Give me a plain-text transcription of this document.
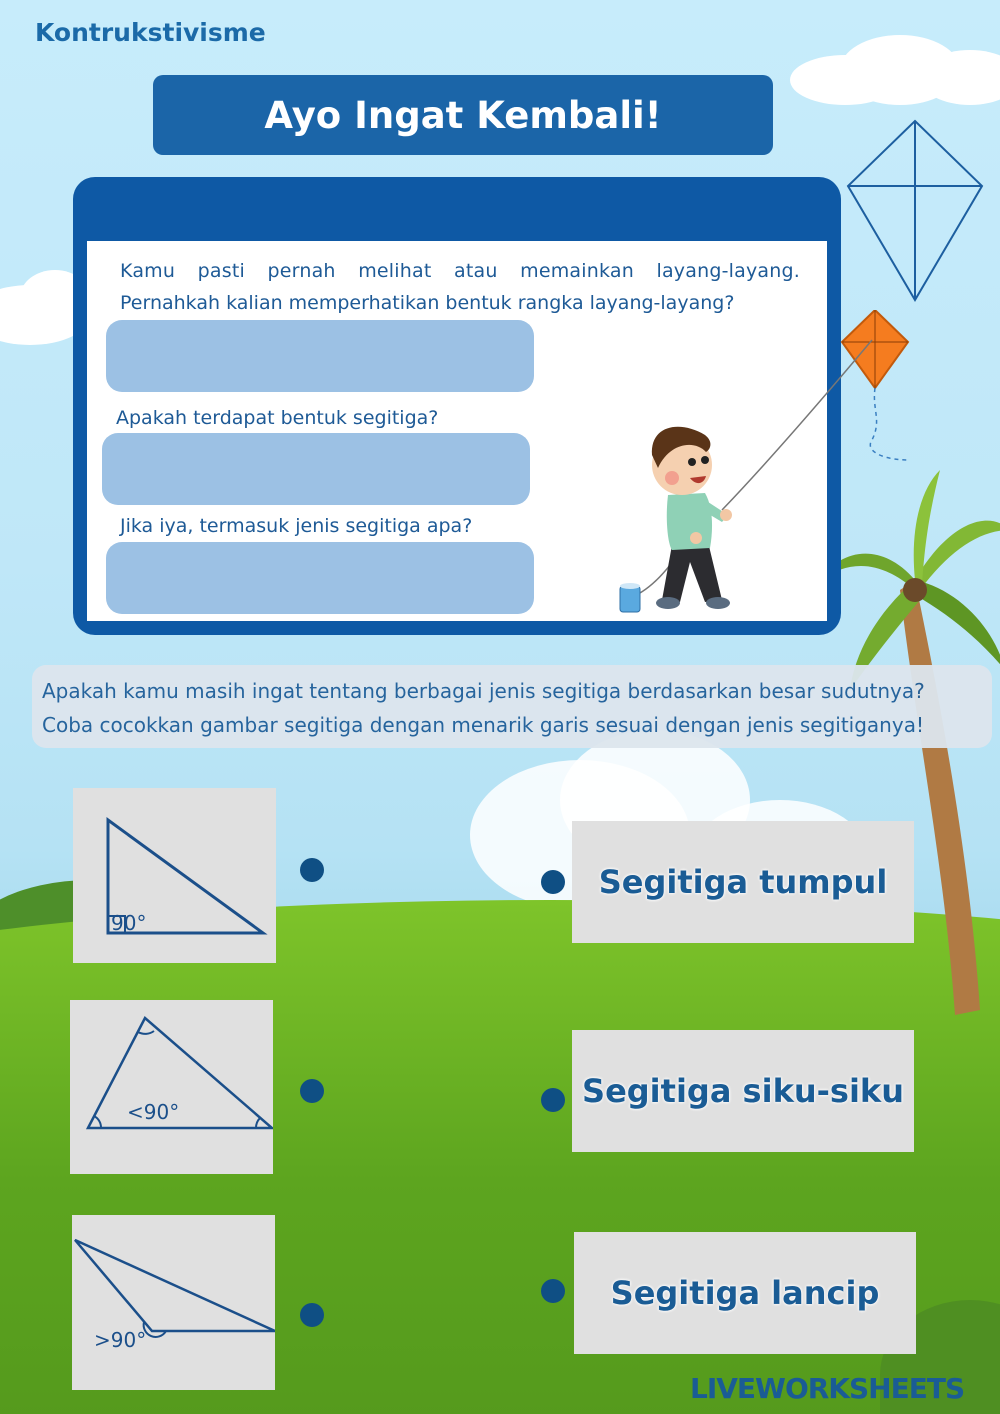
Kontrukstivisme
Ayo Ingat Kembali!
Kamu pasti pernah melihat atau memainkan layang-layang.
Pernahkah kalian memperhatikan bentuk rangka layang-layang?
Apakah terdapat bentuk segitiga?
Jika iya, termasuk jenis segitiga apa?

Apakah kamu masih ingat tentang berbagai jenis segitiga berdasarkan besar sudutnya?

Coba cocokkan gambar segitiga dengan menarik garis sesuai dengan jenis segitiganya!

90°
<90°
>90°
Segitiga tumpul
Segitiga siku-siku
Segitiga lancip
LIVEWORKSHEETS
